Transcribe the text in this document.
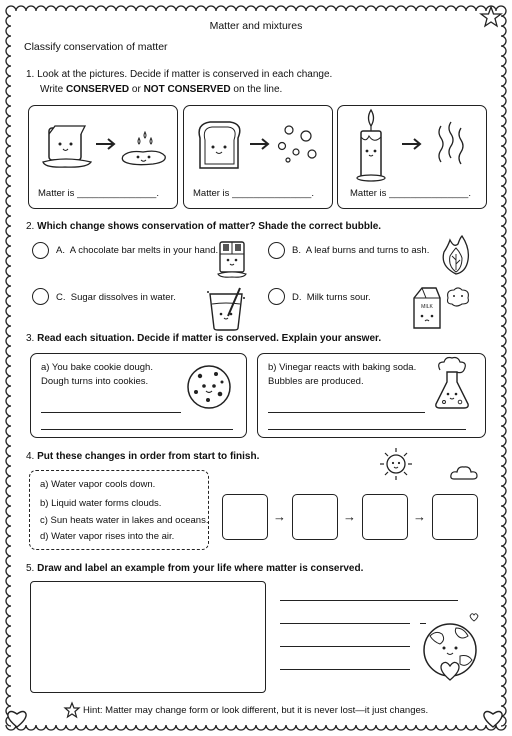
Matter and mixtures
Classify conservation of matter
1. Look at the pictures. Decide if matter is conserved in each change.
Write CONSERVED or NOT CONSERVED on the line.
Matter is _______________.	Matter is _______________.	Matter is _______________.
2. Which change shows conservation of matter? Shade the correct bubble.
A. A chocolate bar melts in your hand.	B. A leaf burns and turns to ash.
C. Sugar dissolves in water.	D. Milk turns sour.
MILK
3. Read each situation. Decide if matter is conserved. Explain your answer.
a) You bake cookie dough.
Dough turns into cookies.
b) Vinegar reacts with baking soda.
Bubbles are produced.
4. Put these changes in order from start to finish.
a) Water vapor cools down.
b) Liquid water forms clouds.
c) Sun heats water in lakes and oceans.
d) Water vapor rises into the air.
→	→	→
5. Draw and label an example from your life where matter is conserved.
Hint: Matter may change form or look different, but it is never lost—it just changes.
